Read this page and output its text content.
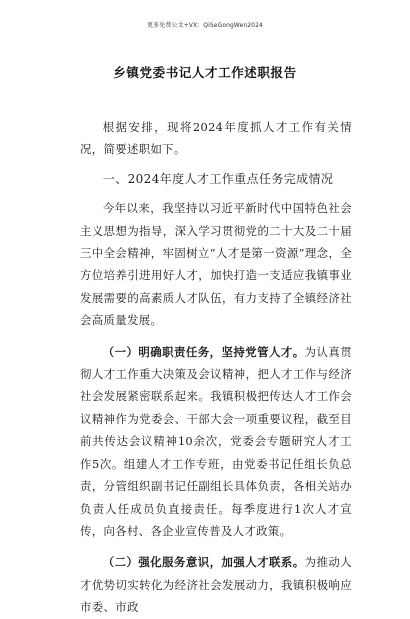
更多免费公文+VX：QiSeGongWen2024
乡镇党委书记人才工作述职报告

根据安排，现将2024年度抓人才工作有关情况，简要述职如下。

一、2024年度人才工作重点任务完成情况

今年以来，我坚持以习近平新时代中国特色社会主义思想为指导，深入学习贯彻党的二十大及二十届三中全会精神，牢固树立“人才是第一资源”理念，全方位培养引进用好人才，加快打造一支适应我镇事业发展需要的高素质人才队伍，有力支持了全镇经济社会高质量发展。

（一）明确职责任务，坚持党管人才。为认真贯彻人才工作重大决策及会议精神，把人才工作与经济社会发展紧密联系起来。我镇积极把传达人才工作会议精神作为党委会、干部大会一项重要议程，截至目前共传达会议精神10余次，党委会专题研究人才工作5次。组建人才工作专班，由党委书记任组长负总责，分管组织副书记任副组长具体负责，各相关站办负责人任成员负直接责任。每季度进行1次人才宣传，向各村、各企业宣传普及人才政策。

（二）强化服务意识，加强人才联系。为推动人才优势切实转化为经济社会发展动力，我镇积极响应市委、市政
